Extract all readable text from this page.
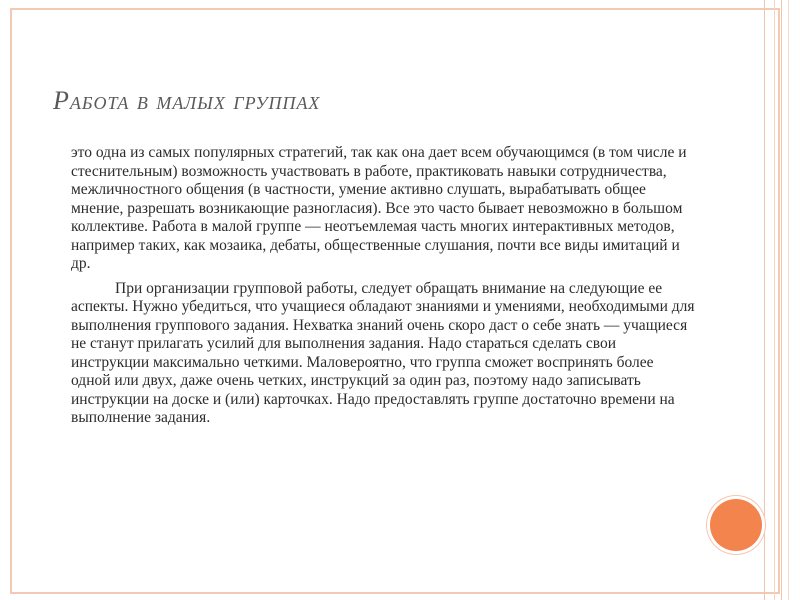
Работа в малых группах
это одна из самых популярных стратегий, так как она дает всем обучающимся (в том числе и стеснительным) возможность участвовать в работе, практиковать навыки сотрудничества, межличностного общения (в частности, умение активно слушать, вырабатывать общее мнение, разрешать возникающие разногласия). Все это часто бывает невозможно в большом коллективе. Работа в малой группе — неотъемлемая часть многих интерактивных методов, например таких, как мозаика, дебаты, общественные слушания, почти все виды имитаций и др.
При организации групповой работы, следует обращать внимание на следующие ее аспекты. Нужно убедиться, что учащиеся обладают знаниями и умениями, необходимыми для выполнения группового задания. Нехватка знаний очень скоро даст о себе знать — учащиеся не станут прилагать усилий для выполнения задания. Надо стараться сделать свои инструкции максимально четкими. Маловероятно, что группа сможет воспринять более одной или двух, даже очень четких, инструкций за один раз, поэтому надо записывать инструкции на доске и (или) карточках. Надо предоставлять группе достаточно времени на выполнение задания.
